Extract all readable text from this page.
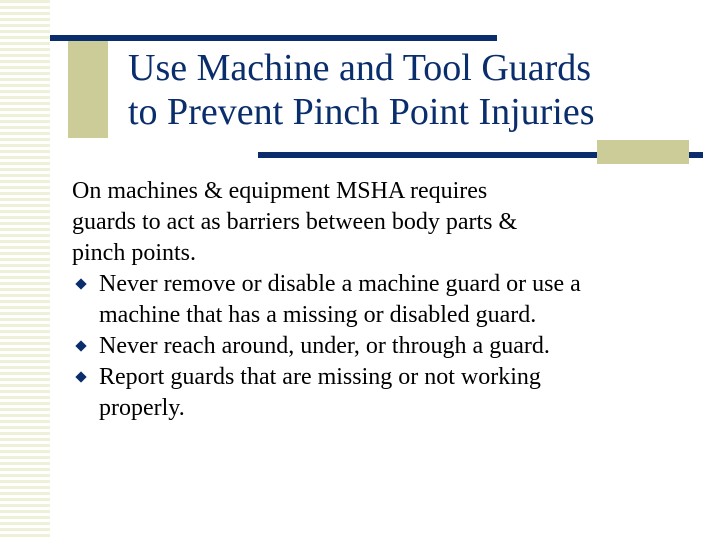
Use Machine and Tool Guards
to Prevent Pinch Point Injuries
On machines & equipment MSHA requires
guards to act as barriers between body parts &
pinch points.
Never remove or disable a machine guard or use a
machine that has a missing or disabled guard.
Never reach around, under, or through a guard.
Report guards that are missing or not working
properly.
